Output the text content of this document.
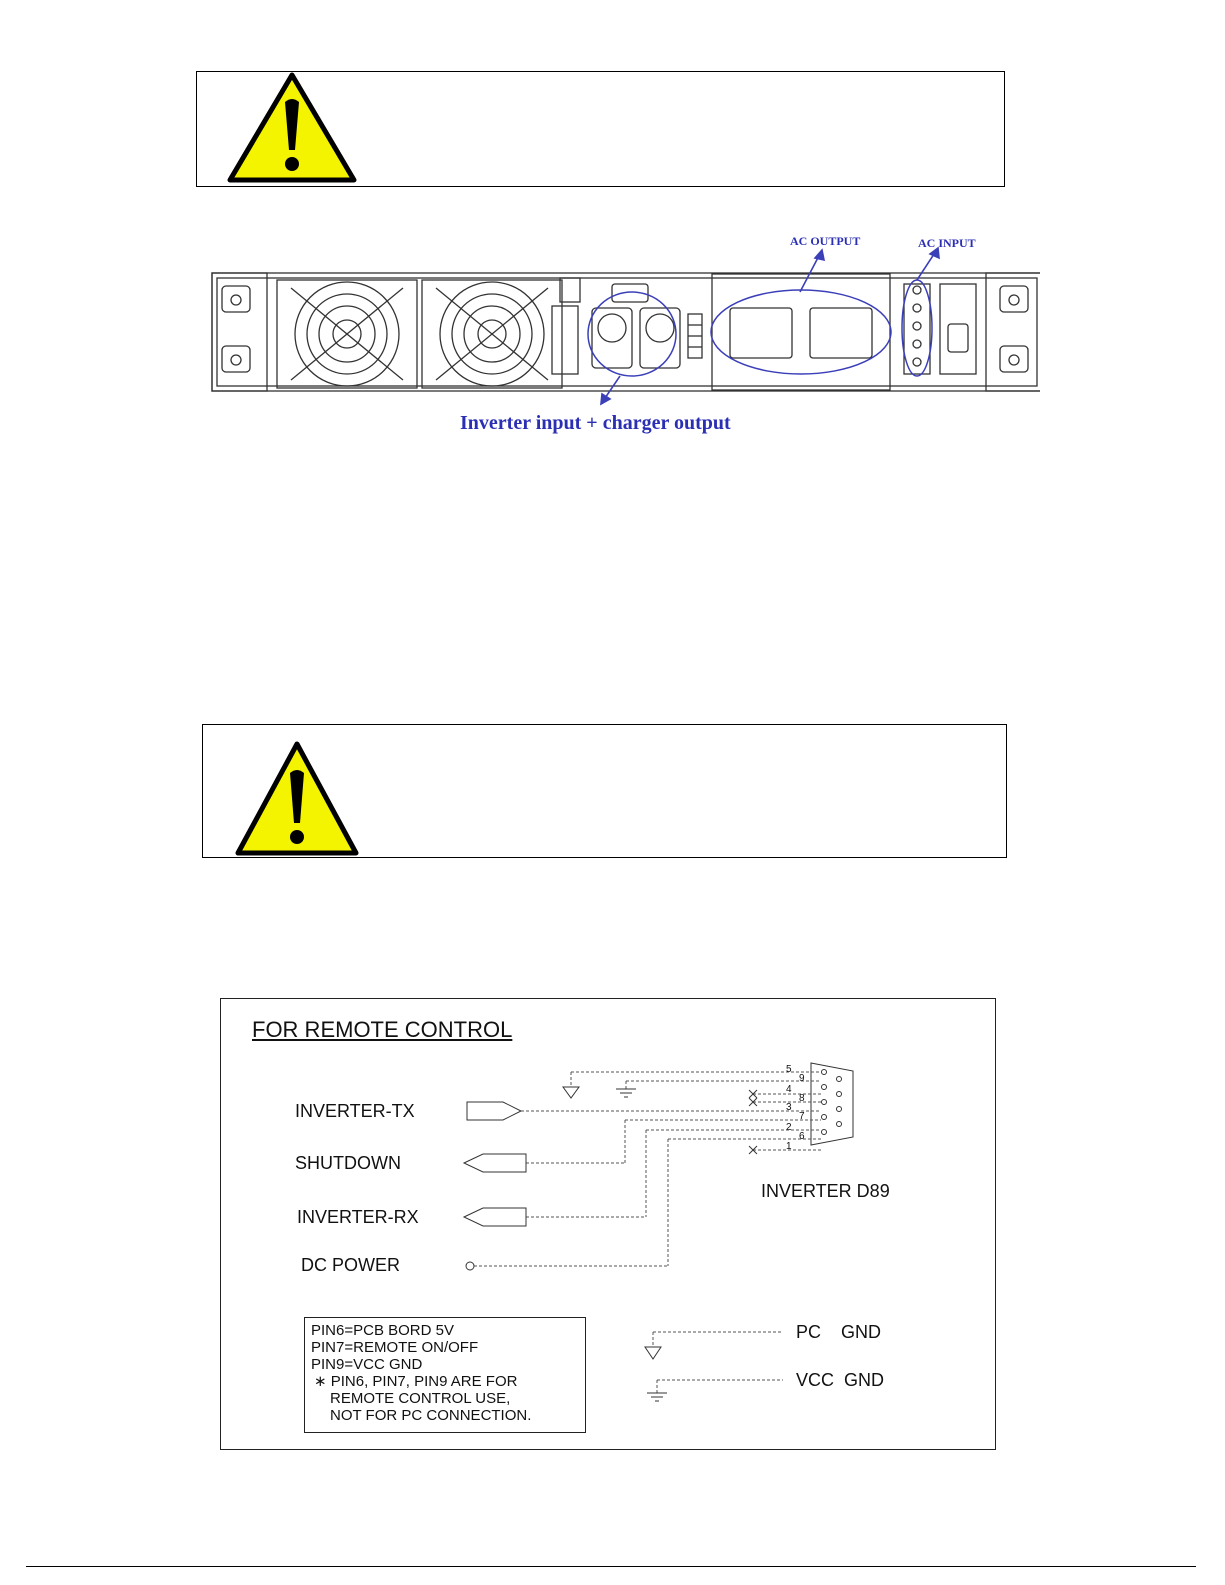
AC OUTPUT	AC INPUT
Inverter input + charger output
FOR REMOTE CONTROL
5
9
4
8
3
7
2
6
1
INVERTER-TX
SHUTDOWN
INVERTER-RX
DC POWER
INVERTER D89
PIN6=PCB BORD 5V
PIN7=REMOTE ON/OFF
PIN9=VCC GND
∗ PIN6, PIN7, PIN9 ARE FOR
REMOTE CONTROL USE,
NOT FOR PC CONNECTION.
PC    GND
VCC  GND
